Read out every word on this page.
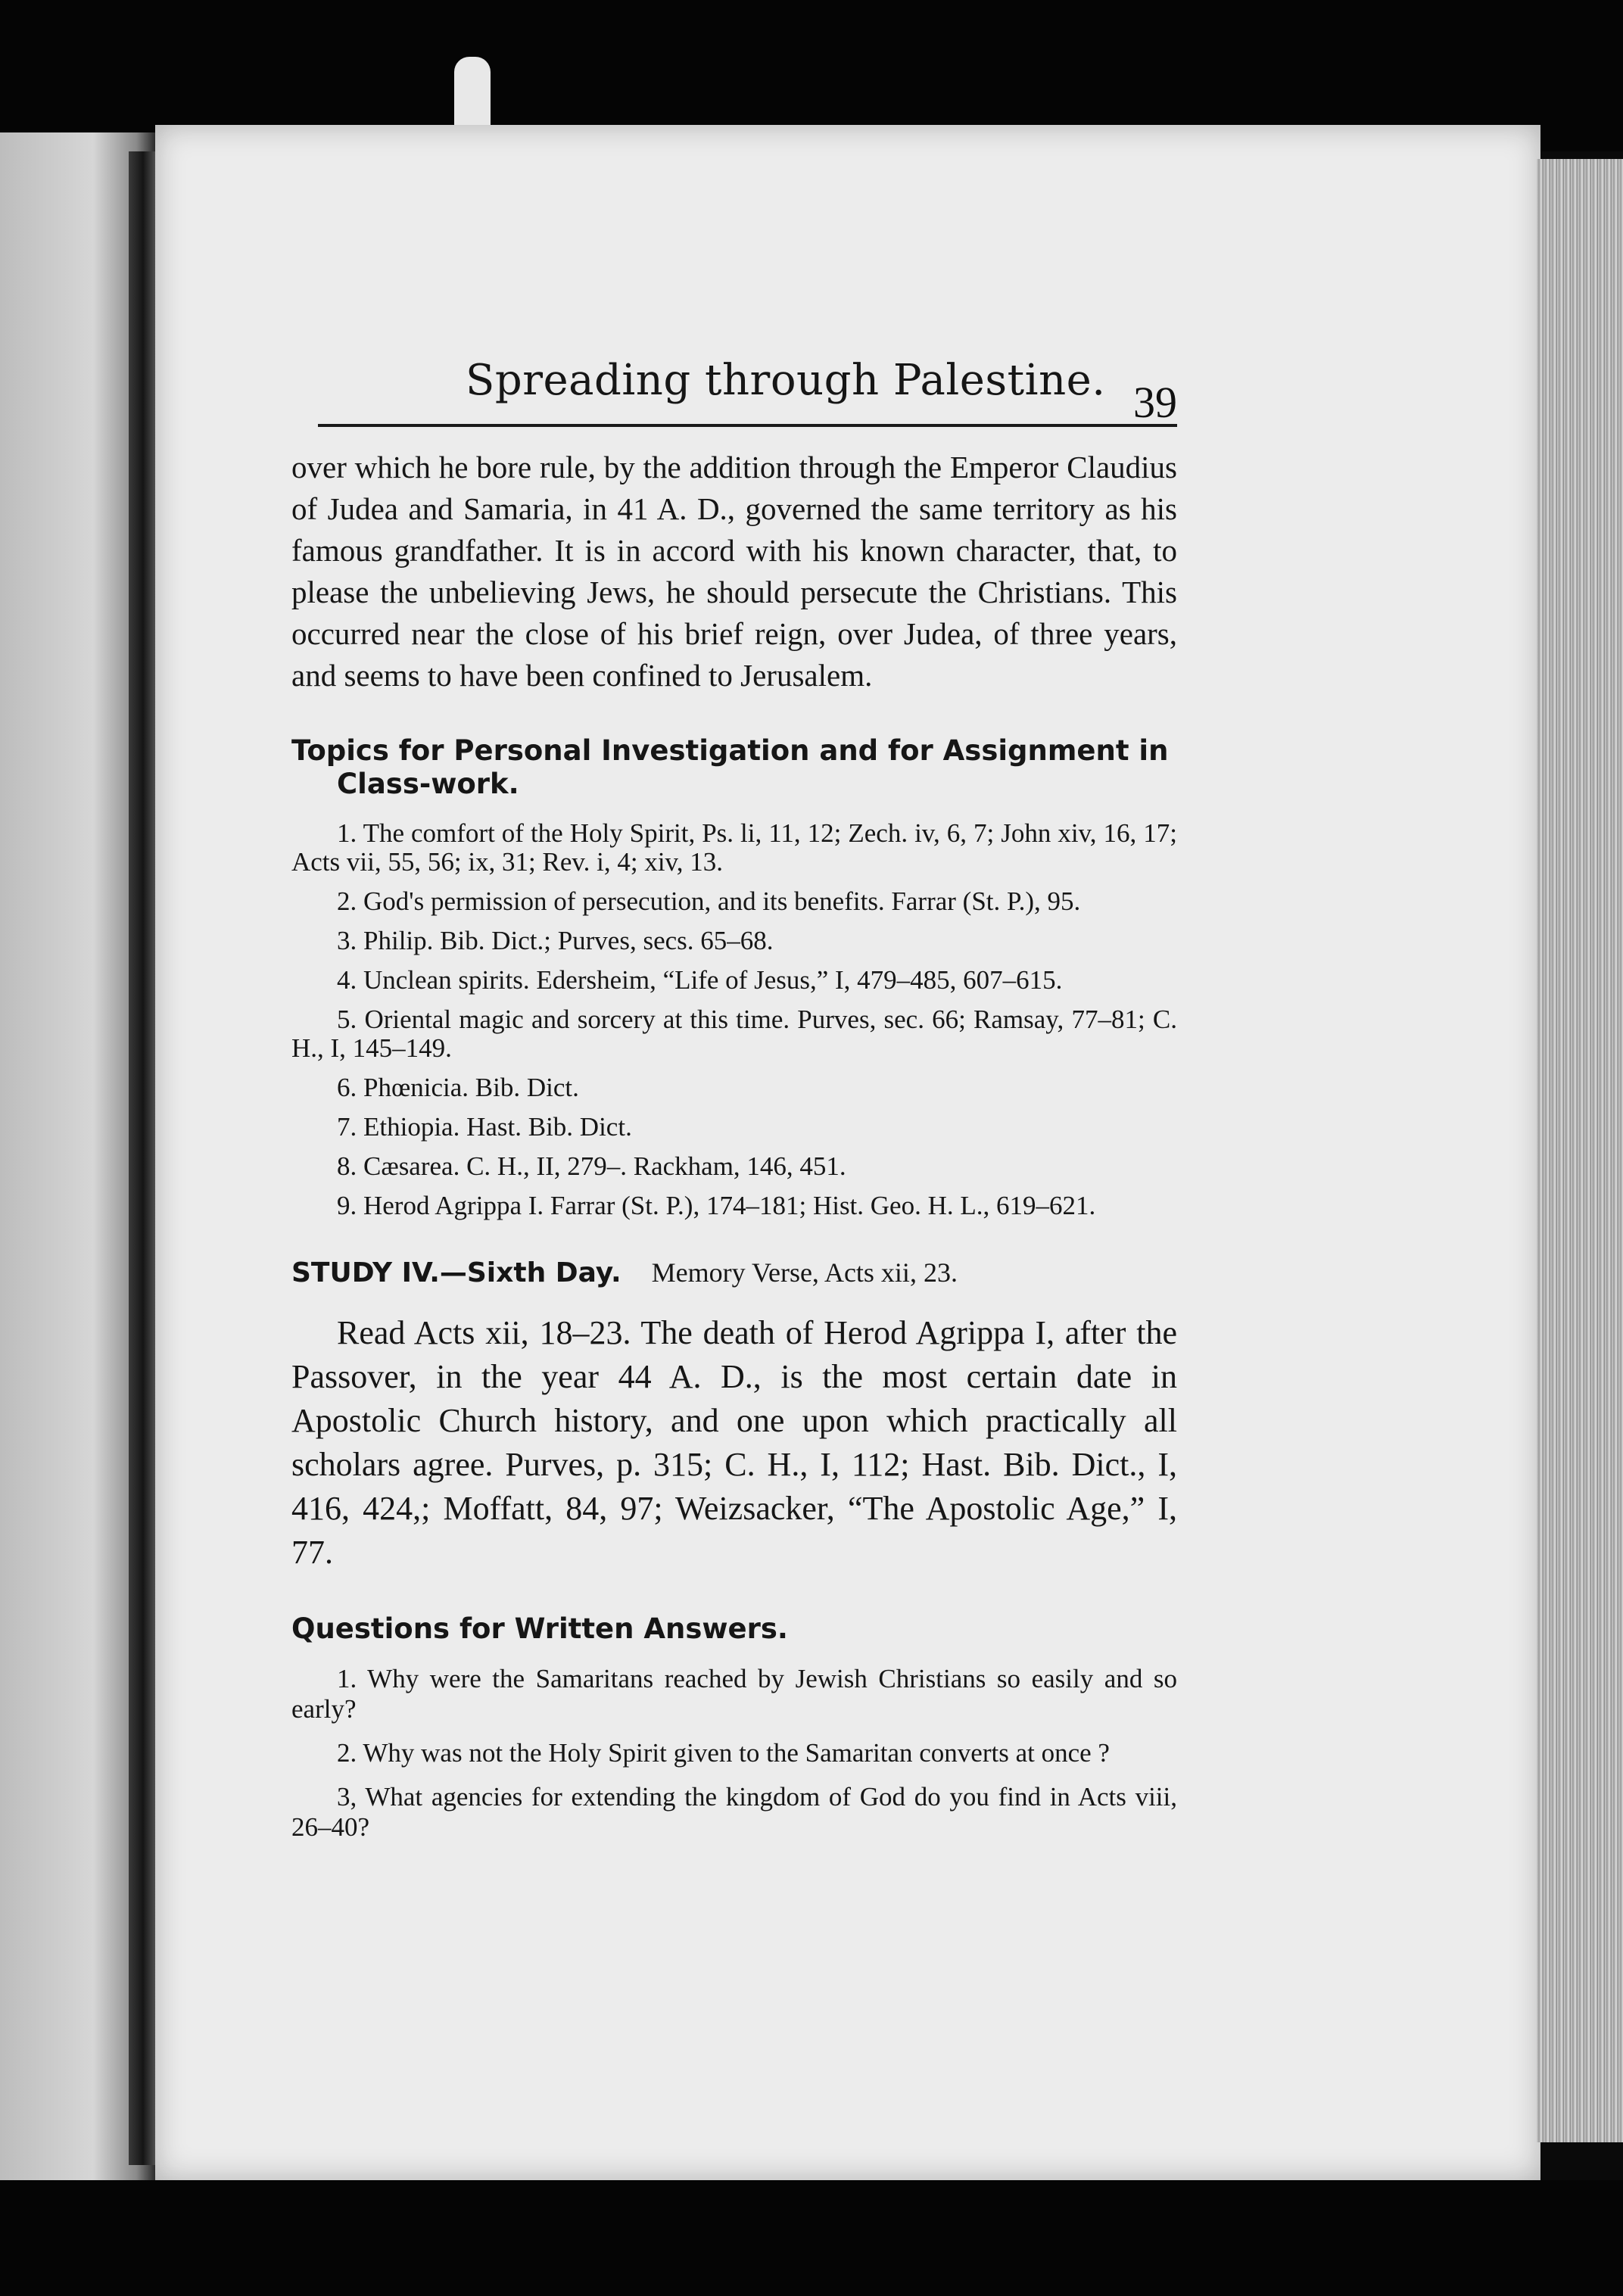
Spreading through Palestine. 39

over which he bore rule, by the addition through the Emperor Claudius of Judea and Samaria, in 41 A. D., governed the same territory as his famous grandfather. It is in accord with his known character, that, to please the unbelieving Jews, he should persecute the Christians. This occurred near the close of his brief reign, over Judea, of three years, and seems to have been confined to Jerusalem.

Topics for Personal Investigation and for Assignment in Class-work.

1. The comfort of the Holy Spirit, Ps. li, 11, 12; Zech. iv, 6, 7; John xiv, 16, 17; Acts vii, 55, 56; ix, 31; Rev. i, 4; xiv, 13.

2. God's permission of persecution, and its benefits. Farrar (St. P.), 95.

3. Philip. Bib. Dict.; Purves, secs. 65–68.

4. Unclean spirits. Edersheim, “Life of Jesus,” I, 479–485, 607–615.

5. Oriental magic and sorcery at this time. Purves, sec. 66; Ramsay, 77–81; C. H., I, 145–149.

6. Phœnicia. Bib. Dict.

7. Ethiopia. Hast. Bib. Dict.

8. Cæsarea. C. H., II, 279–. Rackham, 146, 451.

9. Herod Agrippa I. Farrar (St. P.), 174–181; Hist. Geo. H. L., 619–621.

STUDY IV.—Sixth Day. Memory Verse, Acts xii, 23.

Read Acts xii, 18–23. The death of Herod Agrippa I, after the Passover, in the year 44 A. D., is the most certain date in Apostolic Church history, and one upon which practically all scholars agree. Purves, p. 315; C. H., I, 112; Hast. Bib. Dict., I, 416, 424,; Moffatt, 84, 97; Weizsacker, “The Apostolic Age,” I, 77.

Questions for Written Answers.

1. Why were the Samaritans reached by Jewish Christians so easily and so early?

2. Why was not the Holy Spirit given to the Samaritan converts at once ?

3, What agencies for extending the kingdom of God do you find in Acts viii, 26–40?
